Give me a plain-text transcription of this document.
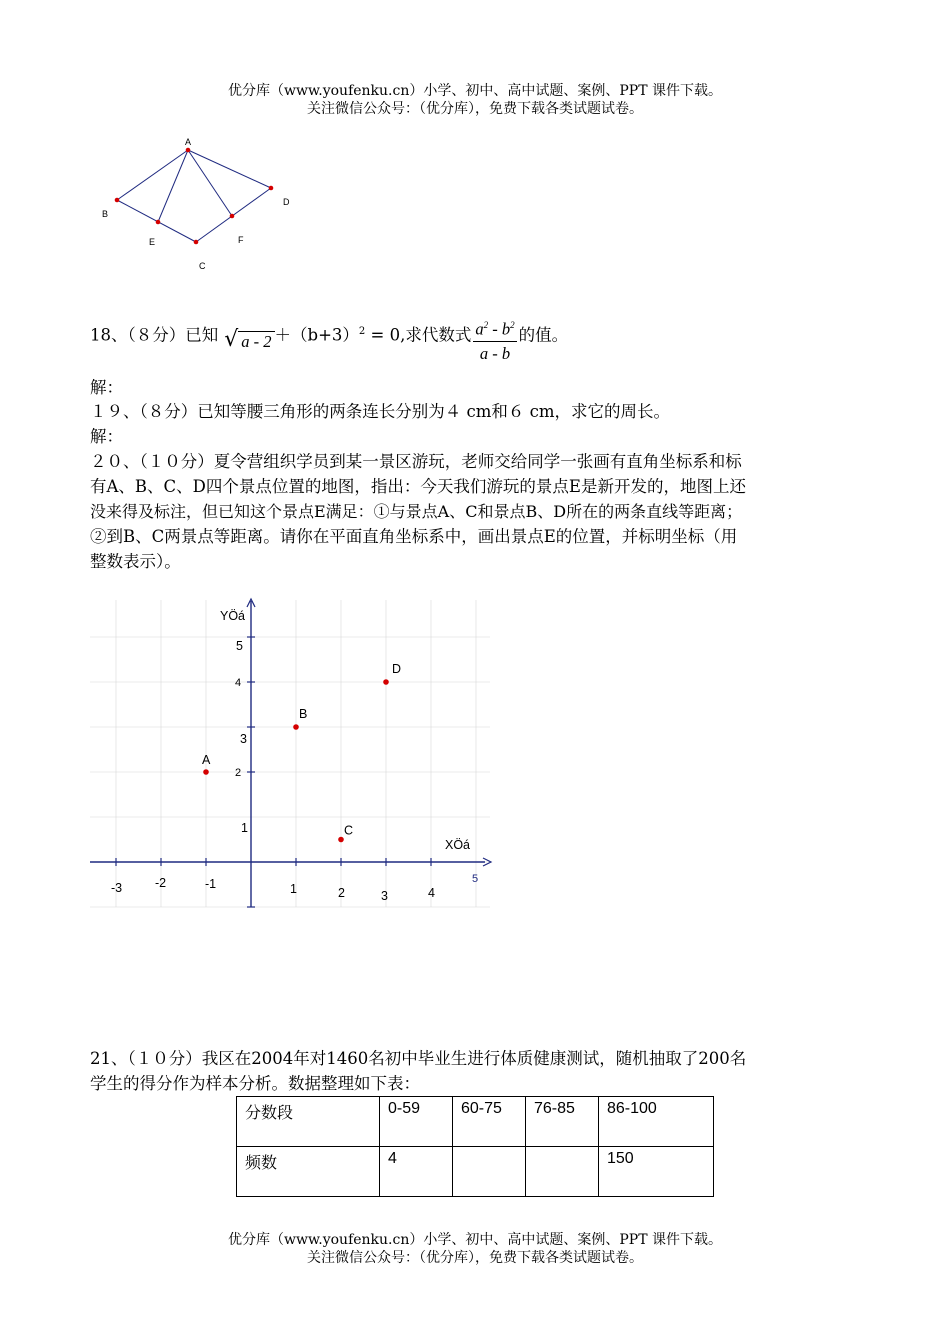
优分库（www.youfenku.cn）小学、初中、高中试题、案例、PPT 课件下载。
关注微信公众号：（优分库），免费下载各类试题试卷。
A
B
D
E	F
C
18、（８分）已知 √ $a - 2 +(b+3)^2 = 0$,求代数式 $\frac{a^2 - b^2}{a - b}$ 的值。
解：
１９、（８分）已知等腰三角形的两条连长分别为４ cm和６ cm，求它的周长。
解：
２０、（１０分）夏令营组织学员到某一景区游玩，老师交给同学一张画有直角坐标系和标
有A、B、C、D四个景点位置的地图，指出：今天我们游玩的景点E是新开发的，地图上还
没来得及标注，但已知这个景点E满足：①与景点A、C和景点B、D所在的两条直线等距离；
②到B、C两景点等距离。请你在平面直角坐标系中，画出景点E的位置，并标明坐标（用
整数表示）。
-3	-2	-1	1	2	3	4
5
1
2
3
4
5
A
B
C
D
YÖá
XÖá
21、（１０分）我区在2004年对1460名初中毕业生进行体质健康测试，随机抽取了200名
学生的得分作为样本分析。数据整理如下表：
分数段	0-59	60-75	76-85	86-100
频数	4			150
优分库（www.youfenku.cn）小学、初中、高中试题、案例、PPT 课件下载。
关注微信公众号：（优分库），免费下载各类试题试卷。
